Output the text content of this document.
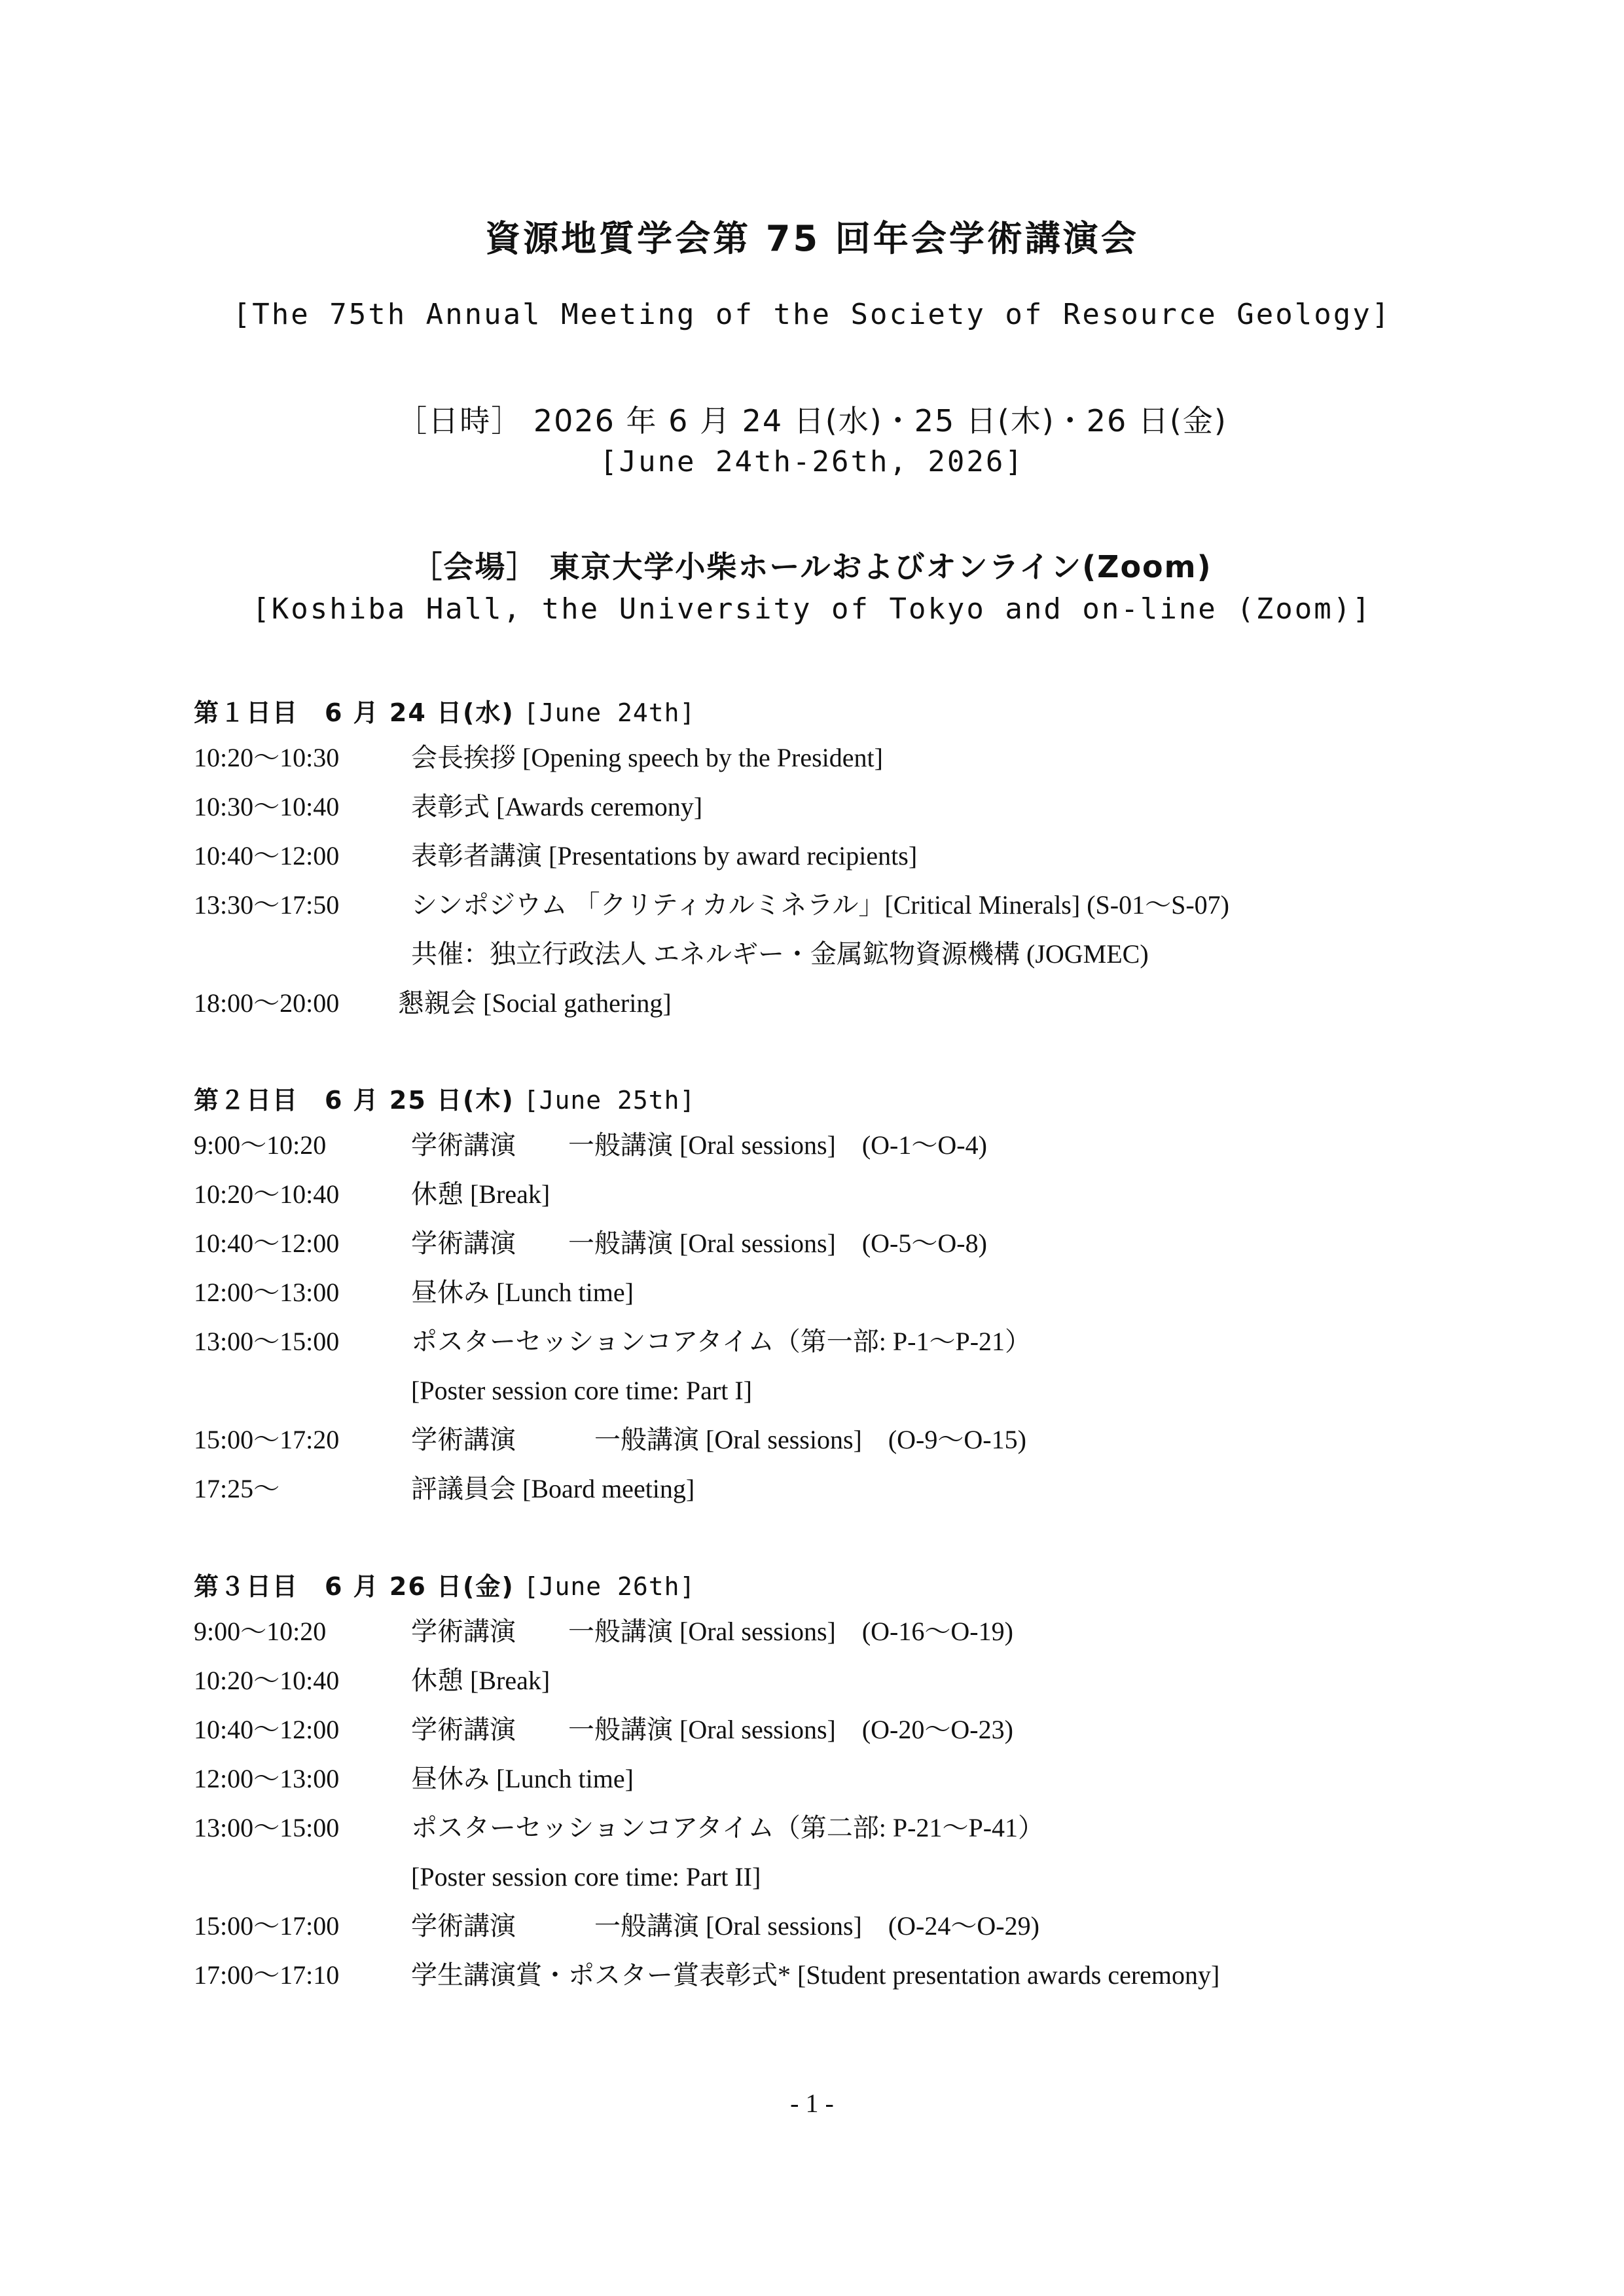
資源地質学会第 75 回年会学術講演会
[The 75th Annual Meeting of the Society of Resource Geology]
［日時］ 2026 年 6 月 24 日(水)・25 日(木)・26 日(金)
[June 24th-26th, 2026]
［会場］ 東京大学小柴ホールおよびオンライン(Zoom)
[Koshiba Hall, the University of Tokyo and on-line (Zoom)]
第１日目　6 月 24 日(水) [June 24th]
10:20～10:30	会長挨拶 [Opening speech by the President]
10:30～10:40	表彰式 [Awards ceremony]
10:40～12:00	表彰者講演 [Presentations by award recipients]
13:30～17:50	シンポジウム 「クリティカルミネラル」[Critical Minerals] (S-01～S-07)
共催：独立行政法人 エネルギー・金属鉱物資源機構 (JOGMEC)
18:00～20:00 懇親会 [Social gathering]
第２日目　6 月 25 日(木) [June 25th]
9:00～10:20	学術講演　　一般講演 [Oral sessions]　(O-1～O-4)
10:20～10:40	休憩 [Break]
10:40～12:00	学術講演　　一般講演 [Oral sessions]　(O-5～O-8)
12:00～13:00	昼休み [Lunch time]
13:00～15:00	ポスターセッションコアタイム（第一部: P-1～P-21）
[Poster session core time: Part I]
15:00～17:20	学術講演　　　一般講演 [Oral sessions]　(O-9～O-15)
17:25～	評議員会 [Board meeting]
第３日目　6 月 26 日(金) [June 26th]
9:00～10:20	学術講演　　一般講演 [Oral sessions]　(O-16～O-19)
10:20～10:40	休憩 [Break]
10:40～12:00	学術講演　　一般講演 [Oral sessions]　(O-20～O-23)
12:00～13:00	昼休み [Lunch time]
13:00～15:00	ポスターセッションコアタイム（第二部: P-21～P-41）
[Poster session core time: Part II]
15:00～17:00	学術講演　　　一般講演 [Oral sessions]　(O-24～O-29)
17:00～17:10	学生講演賞・ポスター賞表彰式* [Student presentation awards ceremony]
- 1 -
